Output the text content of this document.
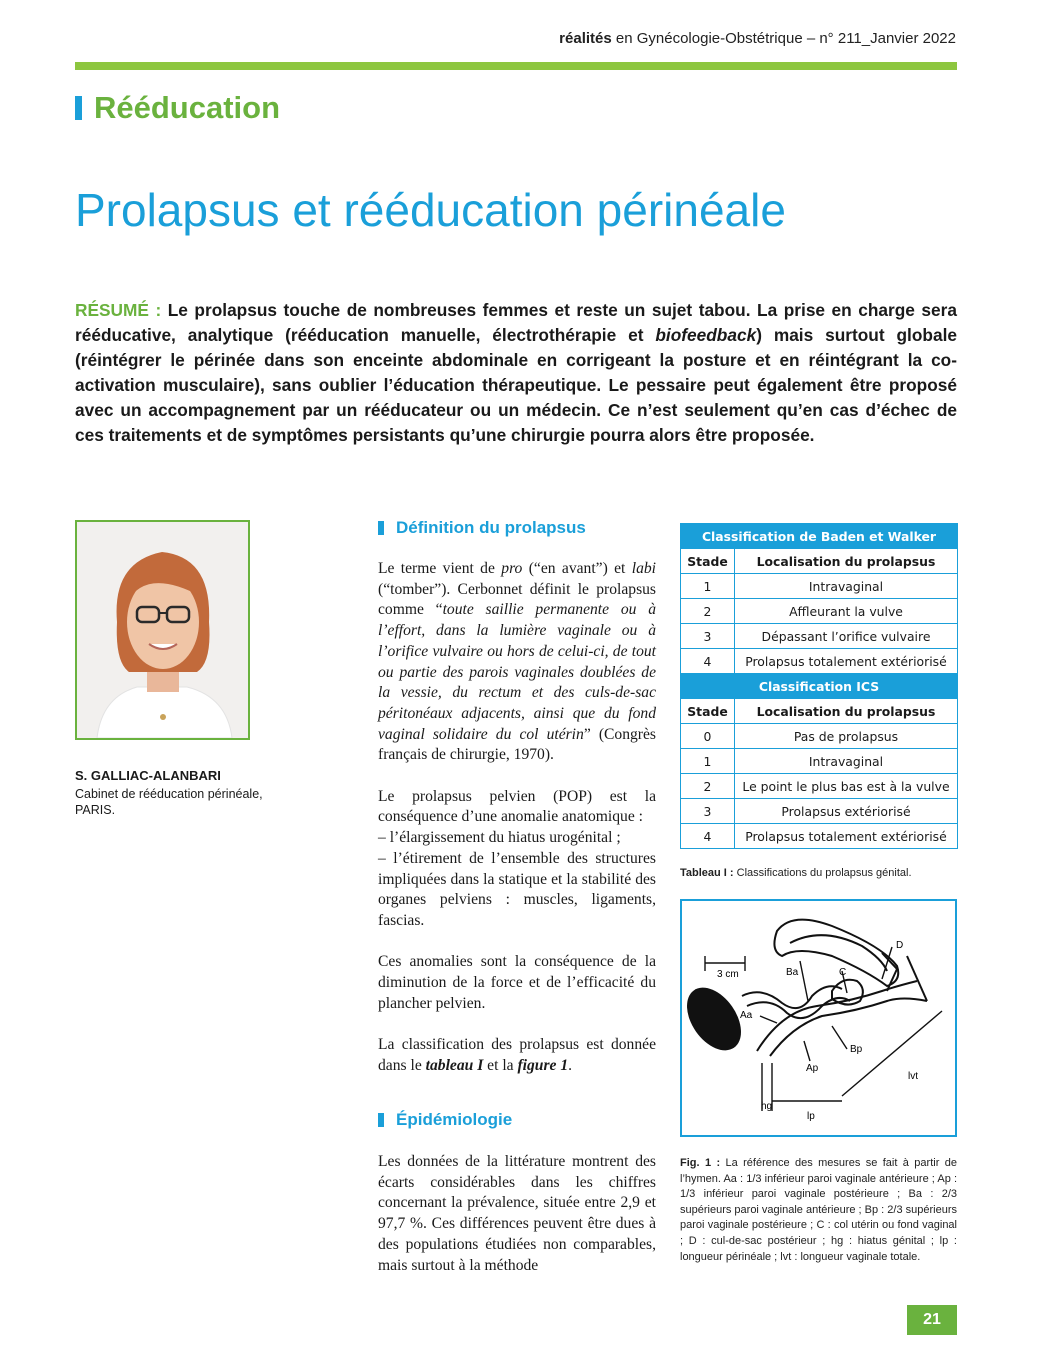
réalités en Gynécologie-Obstétrique – n° 211_Janvier 2022
Rééducation
Prolapsus et rééducation périnéale
RÉSUMÉ : Le prolapsus touche de nombreuses femmes et reste un sujet tabou. La prise en charge sera rééducative, analytique (rééducation manuelle, électrothérapie et biofeedback) mais surtout globale (réintégrer le périnée dans son enceinte abdominale en corrigeant la posture et en réintégrant la co-activation musculaire), sans oublier l’éducation thérapeutique. Le pessaire peut également être proposé avec un accompagnement par un rééducateur ou un médecin. Ce n’est seulement qu’en cas d’échec de ces traitements et de symptômes persistants qu’une chirurgie pourra alors être proposée.
S. GALLIAC-ALANBARI
Cabinet de rééducation périnéale,
PARIS.
Définition du prolapsus

Le terme vient de pro (“en avant”) et labi (“tomber”). Cerbonnet définit le prolapsus comme “toute saillie permanente ou à l’effort, dans la lumière vaginale ou à l’orifice vulvaire ou hors de celui-ci, de tout ou partie des parois vaginales doublées de la vessie, du rectum et des culs-de-sac péritonéaux adjacents, ainsi que du fond vaginal solidaire du col utérin” (Congrès français de chirurgie, 1970).

Le prolapsus pelvien (POP) est la conséquence d’une anomalie anatomique :
– l’élargissement du hiatus urogénital ;
– l’étirement de l’ensemble des structures impliquées dans la statique et la stabilité des organes pelviens : muscles, ligaments, fascias.

Ces anomalies sont la conséquence de la diminution de la force et de l’efficacité du plancher pelvien.

La classification des prolapsus est donnée dans le tableau I et la figure 1.

Épidémiologie

Les données de la littérature montrent des écarts considérables dans les chiffres concernant la prévalence, située entre 2,9 et 97,7 %. Ces différences peuvent être dues à des populations étudiées non comparables, mais surtout à la méthode

Classification de Baden et Walker	
Stade	Localisation du prolapsus
1	Intravaginal
2	Affleurant la vulve
3	Dépassant l’orifice vulvaire
4	Prolapsus totalement extériorisé
Classification ICS	
Stade	Localisation du prolapsus
0	Pas de prolapsus
1	Intravaginal
2	Le point le plus bas est à la vulve
3	Prolapsus extériorisé
4	Prolapsus totalement extériorisé
Tableau I : Classifications du prolapsus génital.
3 cm	Ba	C
D
Aa
Bp
Ap
lvt
hg
lp
Fig. 1 : La référence des mesures se fait à partir de l’hymen. Aa : 1/3 inférieur paroi vaginale antérieure ; Ap : 1/3 inférieur paroi vaginale postérieure ; Ba : 2/3 supérieurs paroi vaginale antérieure ; Bp : 2/3 supérieurs paroi vaginale postérieure ; C : col utérin ou fond vaginal ; D : cul-de-sac postérieur ; hg : hiatus génital ; lp : longueur périnéale ; lvt : longueur vaginale totale.
21
